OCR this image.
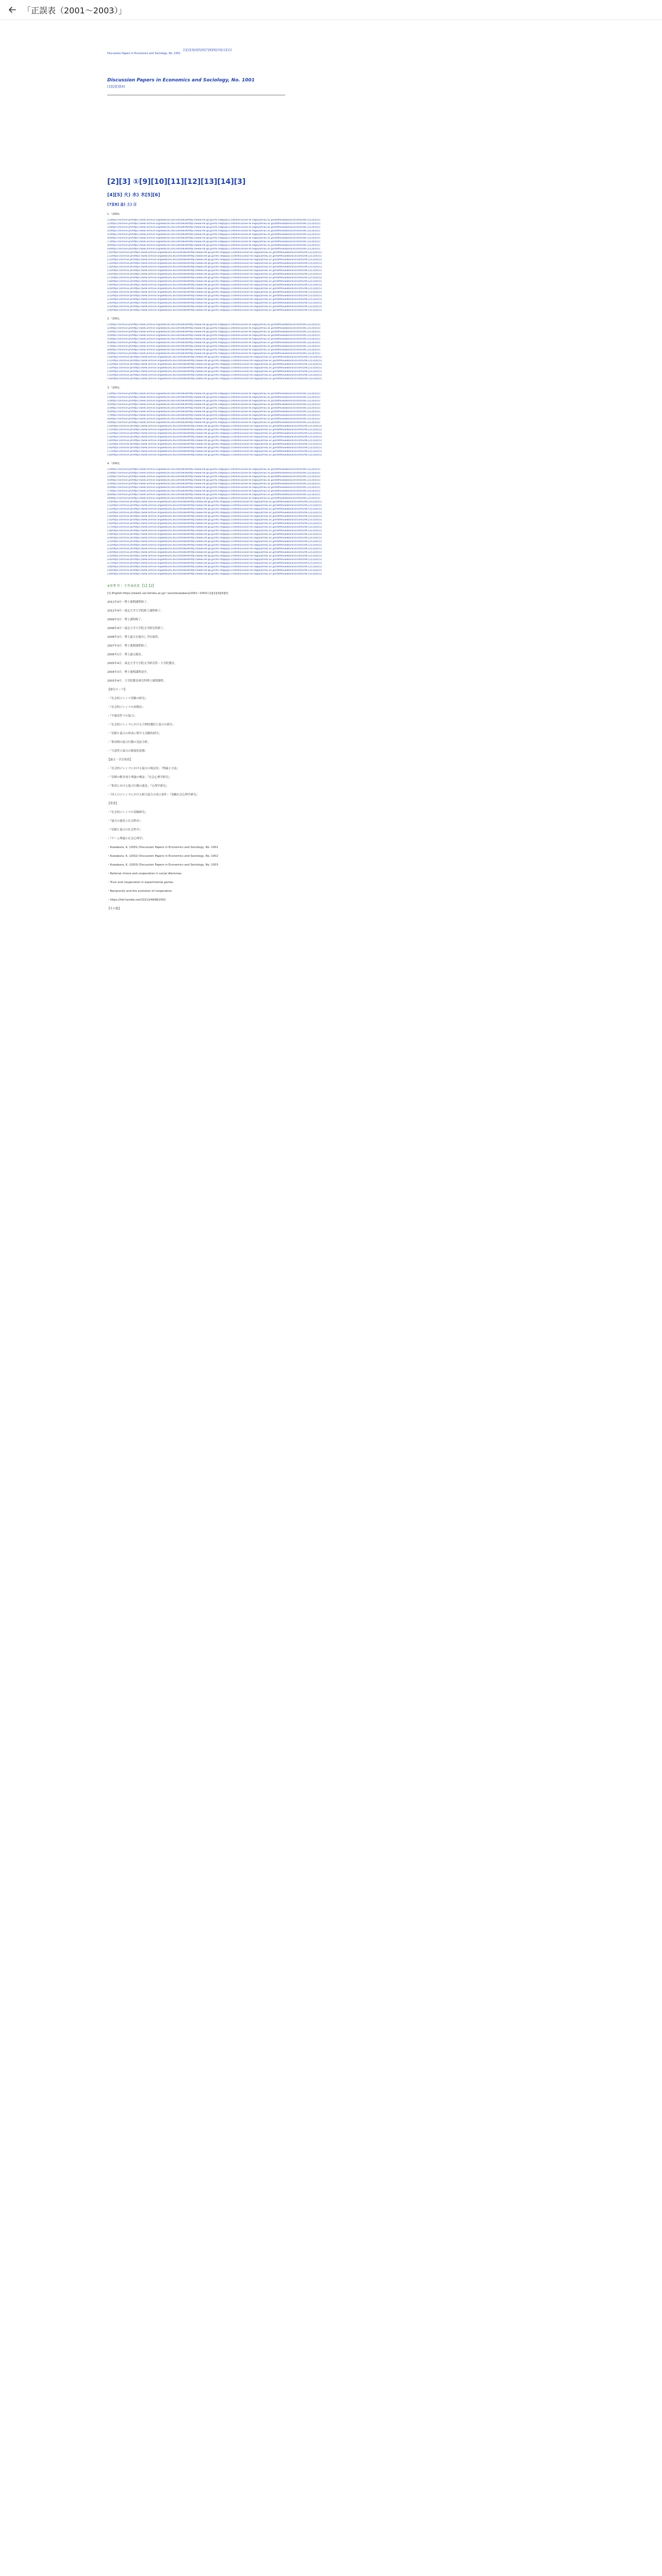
「正誤表（2001〜2003）」
Discussion Papers in Economics and Sociology, No. 1001 [1][2][3][4][5][6][7][8][9][10][11][12]
Discussion Papers in Economics and Sociology, No. 1001
[1][2][3][4]
[2][3] ①[9][10][11][12][13][14][3]
[4][5] 火) 水) 木[5][6]
[7][8] 金) 土) 日
1.『2000』
[1]https://archive.ph/https://web.archive.org/web/20130210050839/http://www.ndl.go.jp/info.ndlgoj/p11106/discussion-bl.nagoya/mau.ac.jp/staff/kuwabara/2014/05/06.[2][3][4][5]
[2]https://archive.ph/https://web.archive.org/web/20130210050839/http://www.ndl.go.jp/info.ndlgoj/p11106/discussion-bl.nagoya/mau.ac.jp/staff/kuwabara/2014/05/06.[2][3][4][5]
[3]https://archive.ph/https://web.archive.org/web/20130210050839/http://www.ndl.go.jp/info.ndlgoj/p11106/discussion-bl.nagoya/mau.ac.jp/staff/kuwabara/2014/05/06.[2][3][4][5]
[4]https://archive.ph/https://web.archive.org/web/20130210050839/http://www.ndl.go.jp/info.ndlgoj/p11106/discussion-bl.nagoya/mau.ac.jp/staff/kuwabara/2014/05/06.[2][3][4][5]
[5]https://archive.ph/https://web.archive.org/web/20130210050839/http://www.ndl.go.jp/info.ndlgoj/p11106/discussion-bl.nagoya/mau.ac.jp/staff/kuwabara/2014/05/06.[2][3][4][5]
[6]https://archive.ph/https://web.archive.org/web/20130210050839/http://www.ndl.go.jp/info.ndlgoj/p11106/discussion-bl.nagoya/mau.ac.jp/staff/kuwabara/2014/05/06.[2][3][4][5]
[7]https://archive.ph/https://web.archive.org/web/20130210050839/http://www.ndl.go.jp/info.ndlgoj/p11106/discussion-bl.nagoya/mau.ac.jp/staff/kuwabara/2014/05/06.[2][3][4][5]
[8]https://archive.ph/https://web.archive.org/web/20130210050839/http://www.ndl.go.jp/info.ndlgoj/p11106/discussion-bl.nagoya/mau.ac.jp/staff/kuwabara/2014/05/06.[2][3][4][5]
[9]https://archive.ph/https://web.archive.org/web/20130210050839/http://www.ndl.go.jp/info.ndlgoj/p11106/discussion-bl.nagoya/mau.ac.jp/staff/kuwabara/2014/05/06.[2][3][4][5]
[10]https://archive.ph/https://web.archive.org/web/20130210050839/http://www.ndl.go.jp/info.ndlgoj/p11106/discussion-bl.nagoya/mau.ac.jp/staff/kuwabara/2014/05/06.[2][3][4][5]
[11]https://archive.ph/https://web.archive.org/web/20130210050839/http://www.ndl.go.jp/info.ndlgoj/p11106/discussion-bl.nagoya/mau.ac.jp/staff/kuwabara/2014/05/06.[2][3][4][5]
[12]https://archive.ph/https://web.archive.org/web/20130210050839/http://www.ndl.go.jp/info.ndlgoj/p11106/discussion-bl.nagoya/mau.ac.jp/staff/kuwabara/2014/05/06.[2][3][4][5]
[13]https://archive.ph/https://web.archive.org/web/20130210050839/http://www.ndl.go.jp/info.ndlgoj/p11106/discussion-bl.nagoya/mau.ac.jp/staff/kuwabara/2014/05/06.[2][3][4][5]
[14]https://archive.ph/https://web.archive.org/web/20130210050839/http://www.ndl.go.jp/info.ndlgoj/p11106/discussion-bl.nagoya/mau.ac.jp/staff/kuwabara/2014/05/06.[2][3][4][5]
[15]https://archive.ph/https://web.archive.org/web/20130210050839/http://www.ndl.go.jp/info.ndlgoj/p11106/discussion-bl.nagoya/mau.ac.jp/staff/kuwabara/2014/05/06.[2][3][4][5]
[16]https://archive.ph/https://web.archive.org/web/20130210050839/http://www.ndl.go.jp/info.ndlgoj/p11106/discussion-bl.nagoya/mau.ac.jp/staff/kuwabara/2014/05/06.[2][3][4][5]
[17]https://archive.ph/https://web.archive.org/web/20130210050839/http://www.ndl.go.jp/info.ndlgoj/p11106/discussion-bl.nagoya/mau.ac.jp/staff/kuwabara/2014/05/06.[2][3][4][5]
[18]https://archive.ph/https://web.archive.org/web/20130210050839/http://www.ndl.go.jp/info.ndlgoj/p11106/discussion-bl.nagoya/mau.ac.jp/staff/kuwabara/2014/05/06.[2][3][4][5]
[19]https://archive.ph/https://web.archive.org/web/20130210050839/http://www.ndl.go.jp/info.ndlgoj/p11106/discussion-bl.nagoya/mau.ac.jp/staff/kuwabara/2014/05/06.[2][3][4][5]
[20]https://archive.ph/https://web.archive.org/web/20130210050839/http://www.ndl.go.jp/info.ndlgoj/p11106/discussion-bl.nagoya/mau.ac.jp/staff/kuwabara/2014/05/06.[2][3][4][5]
[21]https://archive.ph/https://web.archive.org/web/20130210050839/http://www.ndl.go.jp/info.ndlgoj/p11106/discussion-bl.nagoya/mau.ac.jp/staff/kuwabara/2014/05/06.[2][3][4][5]
[22]https://archive.ph/https://web.archive.org/web/20130210050839/http://www.ndl.go.jp/info.ndlgoj/p11106/discussion-bl.nagoya/mau.ac.jp/staff/kuwabara/2014/05/06.[2][3][4][5]
[23]https://archive.ph/https://web.archive.org/web/20130210050839/http://www.ndl.go.jp/info.ndlgoj/p11106/discussion-bl.nagoya/mau.ac.jp/staff/kuwabara/2014/05/06.[2][3][4][5]
[24]https://archive.ph/https://web.archive.org/web/20130210050839/http://www.ndl.go.jp/info.ndlgoj/p11106/discussion-bl.nagoya/mau.ac.jp/staff/kuwabara/2014/05/06.[2][3][4][5]
[25]https://archive.ph/https://web.archive.org/web/20130210050839/http://www.ndl.go.jp/info.ndlgoj/p11106/discussion-bl.nagoya/mau.ac.jp/staff/kuwabara/2014/05/06.[2][3][4][5]
[26]https://archive.ph/https://web.archive.org/web/20130210050839/http://www.ndl.go.jp/info.ndlgoj/p11106/discussion-bl.nagoya/mau.ac.jp/staff/kuwabara/2014/05/06.[2][3][4][5]
2.『2001』
[1]https://archive.ph/https://web.archive.org/web/20130210050839/http://www.ndl.go.jp/info.ndlgoj/p11106/discussion-bl.nagoya/mau.ac.jp/staff/kuwabara/2014/05/06.[2][3][4][5]
[2]https://archive.ph/https://web.archive.org/web/20130210050839/http://www.ndl.go.jp/info.ndlgoj/p11106/discussion-bl.nagoya/mau.ac.jp/staff/kuwabara/2014/05/06.[2][3][4][5]
[3]https://archive.ph/https://web.archive.org/web/20130210050839/http://www.ndl.go.jp/info.ndlgoj/p11106/discussion-bl.nagoya/mau.ac.jp/staff/kuwabara/2014/05/06.[2][3][4][5]
[4]https://archive.ph/https://web.archive.org/web/20130210050839/http://www.ndl.go.jp/info.ndlgoj/p11106/discussion-bl.nagoya/mau.ac.jp/staff/kuwabara/2014/05/06.[2][3][4][5]
[5]https://archive.ph/https://web.archive.org/web/20130210050839/http://www.ndl.go.jp/info.ndlgoj/p11106/discussion-bl.nagoya/mau.ac.jp/staff/kuwabara/2014/05/06.[2][3][4][5]
[6]https://archive.ph/https://web.archive.org/web/20130210050839/http://www.ndl.go.jp/info.ndlgoj/p11106/discussion-bl.nagoya/mau.ac.jp/staff/kuwabara/2014/05/06.[2][3][4][5]
[7]https://archive.ph/https://web.archive.org/web/20130210050839/http://www.ndl.go.jp/info.ndlgoj/p11106/discussion-bl.nagoya/mau.ac.jp/staff/kuwabara/2014/05/06.[2][3][4][5]
[8]https://archive.ph/https://web.archive.org/web/20130210050839/http://www.ndl.go.jp/info.ndlgoj/p11106/discussion-bl.nagoya/mau.ac.jp/staff/kuwabara/2014/05/06.[2][3][4][5]
[9]https://archive.ph/https://web.archive.org/web/20130210050839/http://www.ndl.go.jp/info.ndlgoj/p11106/discussion-bl.nagoya/mau.ac.jp/staff/kuwabara/2014/05/06.[2][3][4][5]
[10]https://archive.ph/https://web.archive.org/web/20130210050839/http://www.ndl.go.jp/info.ndlgoj/p11106/discussion-bl.nagoya/mau.ac.jp/staff/kuwabara/2014/05/06.[2][3][4][5]
[11]https://archive.ph/https://web.archive.org/web/20130210050839/http://www.ndl.go.jp/info.ndlgoj/p11106/discussion-bl.nagoya/mau.ac.jp/staff/kuwabara/2014/05/06.[2][3][4][5]
[12]https://archive.ph/https://web.archive.org/web/20130210050839/http://www.ndl.go.jp/info.ndlgoj/p11106/discussion-bl.nagoya/mau.ac.jp/staff/kuwabara/2014/05/06.[2][3][4][5]
[13]https://archive.ph/https://web.archive.org/web/20130210050839/http://www.ndl.go.jp/info.ndlgoj/p11106/discussion-bl.nagoya/mau.ac.jp/staff/kuwabara/2014/05/06.[2][3][4][5]
[14]https://archive.ph/https://web.archive.org/web/20130210050839/http://www.ndl.go.jp/info.ndlgoj/p11106/discussion-bl.nagoya/mau.ac.jp/staff/kuwabara/2014/05/06.[2][3][4][5]
[15]https://archive.ph/https://web.archive.org/web/20130210050839/http://www.ndl.go.jp/info.ndlgoj/p11106/discussion-bl.nagoya/mau.ac.jp/staff/kuwabara/2014/05/06.[2][3][4][5]
[16]https://archive.ph/https://web.archive.org/web/20130210050839/http://www.ndl.go.jp/info.ndlgoj/p11106/discussion-bl.nagoya/mau.ac.jp/staff/kuwabara/2014/05/06.[2][3][4][5]
3.『2002』
[1]https://archive.ph/https://web.archive.org/web/20130210050839/http://www.ndl.go.jp/info.ndlgoj/p11106/discussion-bl.nagoya/mau.ac.jp/staff/kuwabara/2014/05/06.[2][3][4][5]
[2]https://archive.ph/https://web.archive.org/web/20130210050839/http://www.ndl.go.jp/info.ndlgoj/p11106/discussion-bl.nagoya/mau.ac.jp/staff/kuwabara/2014/05/06.[2][3][4][5]
[3]https://archive.ph/https://web.archive.org/web/20130210050839/http://www.ndl.go.jp/info.ndlgoj/p11106/discussion-bl.nagoya/mau.ac.jp/staff/kuwabara/2014/05/06.[2][3][4][5]
[4]https://archive.ph/https://web.archive.org/web/20130210050839/http://www.ndl.go.jp/info.ndlgoj/p11106/discussion-bl.nagoya/mau.ac.jp/staff/kuwabara/2014/05/06.[2][3][4][5]
[5]https://archive.ph/https://web.archive.org/web/20130210050839/http://www.ndl.go.jp/info.ndlgoj/p11106/discussion-bl.nagoya/mau.ac.jp/staff/kuwabara/2014/05/06.[2][3][4][5]
[6]https://archive.ph/https://web.archive.org/web/20130210050839/http://www.ndl.go.jp/info.ndlgoj/p11106/discussion-bl.nagoya/mau.ac.jp/staff/kuwabara/2014/05/06.[2][3][4][5]
[7]https://archive.ph/https://web.archive.org/web/20130210050839/http://www.ndl.go.jp/info.ndlgoj/p11106/discussion-bl.nagoya/mau.ac.jp/staff/kuwabara/2014/05/06.[2][3][4][5]
[8]https://archive.ph/https://web.archive.org/web/20130210050839/http://www.ndl.go.jp/info.ndlgoj/p11106/discussion-bl.nagoya/mau.ac.jp/staff/kuwabara/2014/05/06.[2][3][4][5]
[9]https://archive.ph/https://web.archive.org/web/20130210050839/http://www.ndl.go.jp/info.ndlgoj/p11106/discussion-bl.nagoya/mau.ac.jp/staff/kuwabara/2014/05/06.[2][3][4][5]
[10]https://archive.ph/https://web.archive.org/web/20130210050839/http://www.ndl.go.jp/info.ndlgoj/p11106/discussion-bl.nagoya/mau.ac.jp/staff/kuwabara/2014/05/06.[2][3][4][5]
[11]https://archive.ph/https://web.archive.org/web/20130210050839/http://www.ndl.go.jp/info.ndlgoj/p11106/discussion-bl.nagoya/mau.ac.jp/staff/kuwabara/2014/05/06.[2][3][4][5]
[12]https://archive.ph/https://web.archive.org/web/20130210050839/http://www.ndl.go.jp/info.ndlgoj/p11106/discussion-bl.nagoya/mau.ac.jp/staff/kuwabara/2014/05/06.[2][3][4][5]
[13]https://archive.ph/https://web.archive.org/web/20130210050839/http://www.ndl.go.jp/info.ndlgoj/p11106/discussion-bl.nagoya/mau.ac.jp/staff/kuwabara/2014/05/06.[2][3][4][5]
[14]https://archive.ph/https://web.archive.org/web/20130210050839/http://www.ndl.go.jp/info.ndlgoj/p11106/discussion-bl.nagoya/mau.ac.jp/staff/kuwabara/2014/05/06.[2][3][4][5]
[15]https://archive.ph/https://web.archive.org/web/20130210050839/http://www.ndl.go.jp/info.ndlgoj/p11106/discussion-bl.nagoya/mau.ac.jp/staff/kuwabara/2014/05/06.[2][3][4][5]
[16]https://archive.ph/https://web.archive.org/web/20130210050839/http://www.ndl.go.jp/info.ndlgoj/p11106/discussion-bl.nagoya/mau.ac.jp/staff/kuwabara/2014/05/06.[2][3][4][5]
[17]https://archive.ph/https://web.archive.org/web/20130210050839/http://www.ndl.go.jp/info.ndlgoj/p11106/discussion-bl.nagoya/mau.ac.jp/staff/kuwabara/2014/05/06.[2][3][4][5]
[18]https://archive.ph/https://web.archive.org/web/20130210050839/http://www.ndl.go.jp/info.ndlgoj/p11106/discussion-bl.nagoya/mau.ac.jp/staff/kuwabara/2014/05/06.[2][3][4][5]
4.『2003』
[1]https://archive.ph/https://web.archive.org/web/20130210050839/http://www.ndl.go.jp/info.ndlgoj/p11106/discussion-bl.nagoya/mau.ac.jp/staff/kuwabara/2014/05/06.[2][3][4][5]
[2]https://archive.ph/https://web.archive.org/web/20130210050839/http://www.ndl.go.jp/info.ndlgoj/p11106/discussion-bl.nagoya/mau.ac.jp/staff/kuwabara/2014/05/06.[2][3][4][5]
[3]https://archive.ph/https://web.archive.org/web/20130210050839/http://www.ndl.go.jp/info.ndlgoj/p11106/discussion-bl.nagoya/mau.ac.jp/staff/kuwabara/2014/05/06.[2][3][4][5]
[4]https://archive.ph/https://web.archive.org/web/20130210050839/http://www.ndl.go.jp/info.ndlgoj/p11106/discussion-bl.nagoya/mau.ac.jp/staff/kuwabara/2014/05/06.[2][3][4][5]
[5]https://archive.ph/https://web.archive.org/web/20130210050839/http://www.ndl.go.jp/info.ndlgoj/p11106/discussion-bl.nagoya/mau.ac.jp/staff/kuwabara/2014/05/06.[2][3][4][5]
[6]https://archive.ph/https://web.archive.org/web/20130210050839/http://www.ndl.go.jp/info.ndlgoj/p11106/discussion-bl.nagoya/mau.ac.jp/staff/kuwabara/2014/05/06.[2][3][4][5]
[7]https://archive.ph/https://web.archive.org/web/20130210050839/http://www.ndl.go.jp/info.ndlgoj/p11106/discussion-bl.nagoya/mau.ac.jp/staff/kuwabara/2014/05/06.[2][3][4][5]
[8]https://archive.ph/https://web.archive.org/web/20130210050839/http://www.ndl.go.jp/info.ndlgoj/p11106/discussion-bl.nagoya/mau.ac.jp/staff/kuwabara/2014/05/06.[2][3][4][5]
[9]https://archive.ph/https://web.archive.org/web/20130210050839/http://www.ndl.go.jp/info.ndlgoj/p11106/discussion-bl.nagoya/mau.ac.jp/staff/kuwabara/2014/05/06.[2][3][4][5]
[10]https://archive.ph/https://web.archive.org/web/20130210050839/http://www.ndl.go.jp/info.ndlgoj/p11106/discussion-bl.nagoya/mau.ac.jp/staff/kuwabara/2014/05/06.[2][3][4][5]
[11]https://archive.ph/https://web.archive.org/web/20130210050839/http://www.ndl.go.jp/info.ndlgoj/p11106/discussion-bl.nagoya/mau.ac.jp/staff/kuwabara/2014/05/06.[2][3][4][5]
[12]https://archive.ph/https://web.archive.org/web/20130210050839/http://www.ndl.go.jp/info.ndlgoj/p11106/discussion-bl.nagoya/mau.ac.jp/staff/kuwabara/2014/05/06.[2][3][4][5]
[13]https://archive.ph/https://web.archive.org/web/20130210050839/http://www.ndl.go.jp/info.ndlgoj/p11106/discussion-bl.nagoya/mau.ac.jp/staff/kuwabara/2014/05/06.[2][3][4][5]
[14]https://archive.ph/https://web.archive.org/web/20130210050839/http://www.ndl.go.jp/info.ndlgoj/p11106/discussion-bl.nagoya/mau.ac.jp/staff/kuwabara/2014/05/06.[2][3][4][5]
[15]https://archive.ph/https://web.archive.org/web/20130210050839/http://www.ndl.go.jp/info.ndlgoj/p11106/discussion-bl.nagoya/mau.ac.jp/staff/kuwabara/2014/05/06.[2][3][4][5]
[16]https://archive.ph/https://web.archive.org/web/20130210050839/http://www.ndl.go.jp/info.ndlgoj/p11106/discussion-bl.nagoya/mau.ac.jp/staff/kuwabara/2014/05/06.[2][3][4][5]
[17]https://archive.ph/https://web.archive.org/web/20130210050839/http://www.ndl.go.jp/info.ndlgoj/p11106/discussion-bl.nagoya/mau.ac.jp/staff/kuwabara/2014/05/06.[2][3][4][5]
[18]https://archive.ph/https://web.archive.org/web/20130210050839/http://www.ndl.go.jp/info.ndlgoj/p11106/discussion-bl.nagoya/mau.ac.jp/staff/kuwabara/2014/05/06.[2][3][4][5]
[19]https://archive.ph/https://web.archive.org/web/20130210050839/http://www.ndl.go.jp/info.ndlgoj/p11106/discussion-bl.nagoya/mau.ac.jp/staff/kuwabara/2014/05/06.[2][3][4][5]
[20]https://archive.ph/https://web.archive.org/web/20130210050839/http://www.ndl.go.jp/info.ndlgoj/p11106/discussion-bl.nagoya/mau.ac.jp/staff/kuwabara/2014/05/06.[2][3][4][5]
[21]https://archive.ph/https://web.archive.org/web/20130210050839/http://www.ndl.go.jp/info.ndlgoj/p11106/discussion-bl.nagoya/mau.ac.jp/staff/kuwabara/2014/05/06.[2][3][4][5]
[22]https://archive.ph/https://web.archive.org/web/20130210050839/http://www.ndl.go.jp/info.ndlgoj/p11106/discussion-bl.nagoya/mau.ac.jp/staff/kuwabara/2014/05/06.[2][3][4][5]
[23]https://archive.ph/https://web.archive.org/web/20130210050839/http://www.ndl.go.jp/info.ndlgoj/p11106/discussion-bl.nagoya/mau.ac.jp/staff/kuwabara/2014/05/06.[2][3][4][5]
[24]https://archive.ph/https://web.archive.org/web/20130210050839/http://www.ndl.go.jp/info.ndlgoj/p11106/discussion-bl.nagoya/mau.ac.jp/staff/kuwabara/2014/05/06.[2][3][4][5]
[25]https://archive.ph/https://web.archive.org/web/20130210050839/http://www.ndl.go.jp/info.ndlgoj/p11106/discussion-bl.nagoya/mau.ac.jp/staff/kuwabara/2014/05/06.[2][3][4][5]
[26]https://archive.ph/https://web.archive.org/web/20130210050839/http://www.ndl.go.jp/info.ndlgoj/p11106/discussion-bl.nagoya/mau.ac.jp/staff/kuwabara/2014/05/06.[2][3][4][5]
[27]https://archive.ph/https://web.archive.org/web/20130210050839/http://www.ndl.go.jp/info.ndlgoj/p11106/discussion-bl.nagoya/mau.ac.jp/staff/kuwabara/2014/05/06.[2][3][4][5]
[28]https://archive.ph/https://web.archive.org/web/20130210050839/http://www.ndl.go.jp/info.ndlgoj/p11106/discussion-bl.nagoya/mau.ac.jp/staff/kuwabara/2014/05/06.[2][3][4][5]
[29]https://archive.ph/https://web.archive.org/web/20130210050839/http://www.ndl.go.jp/info.ndlgoj/p11106/discussion-bl.nagoya/mau.ac.jp/staff/kuwabara/2014/05/06.[2][3][4][5]
[30]https://archive.ph/https://web.archive.org/web/20130210050839/http://www.ndl.go.jp/info.ndlgoj/p11106/discussion-bl.nagoya/mau.ac.jp/staff/kuwabara/2014/05/06.[2][3][4][5]
※参考 年・ 生年表改変 【1】【2】
[1] English:https://www1.sal.tohoku.ac.jp/~socio/kuwabara/2001~2003/ [1][2][3][4][5]
2011年4月〜博士後期課程修了。
2012年4月〜東北大学大学院修士課程修了。
2009年3月：博士課程修了。
2008年4月〜東北大学大学院文学研究科修了。
2008年3月：博士論文を提出し学位取得。
2007年3月：博士後期課程修了。
2006年1月：博士論文提出。
2005年4月：東北大学大学院文学研究科・大学院教育。
2004年3月：博士後期課程退学。
2003年4月：大学院教育研究科博士後期課程。
【研究テーマ】
・『社会的ジレンマ実験の研究』
・『社会的ジレンマの再検討』
・『不確実性下の協力』
・「社会的ジレンマにおける合理的選択と協力の研究」
・「信頼と協力の形成に関する実験的研究」
・「集団間の協力行動の実証分析」
・「互恵性と協力の制度的基盤」
【論文・学会発表】
・「社会的ジレンマにおける協力の規定因」『理論と方法』
・「信頼の解き放ち理論の検証」『社会心理学研究』
・「集団における協力行動の進化」『心理学研究』
・「囚人のジレンマにおける相互協力の成立条件」『実験社会心理学研究』
【著書】
・『社会的ジレンマの実験研究』
・『協力の進化と社会秩序』
・『信頼と協力の社会科学』
・『ゲーム理論と社会心理学』
・Kuwabara, K. (2001) Discussion Papers in Economics and Sociology, No. 1001
・Kuwabara, K. (2002) Discussion Papers in Economics and Sociology, No. 1002
・Kuwabara, K. (2003) Discussion Papers in Economics and Sociology, No. 1003
・Rational choice and cooperation in social dilemmas
・Trust and cooperation in experimental games
・Reciprocity and the evolution of cooperation
・https://hdl.handle.net/10213/4698/2001
【その他】
